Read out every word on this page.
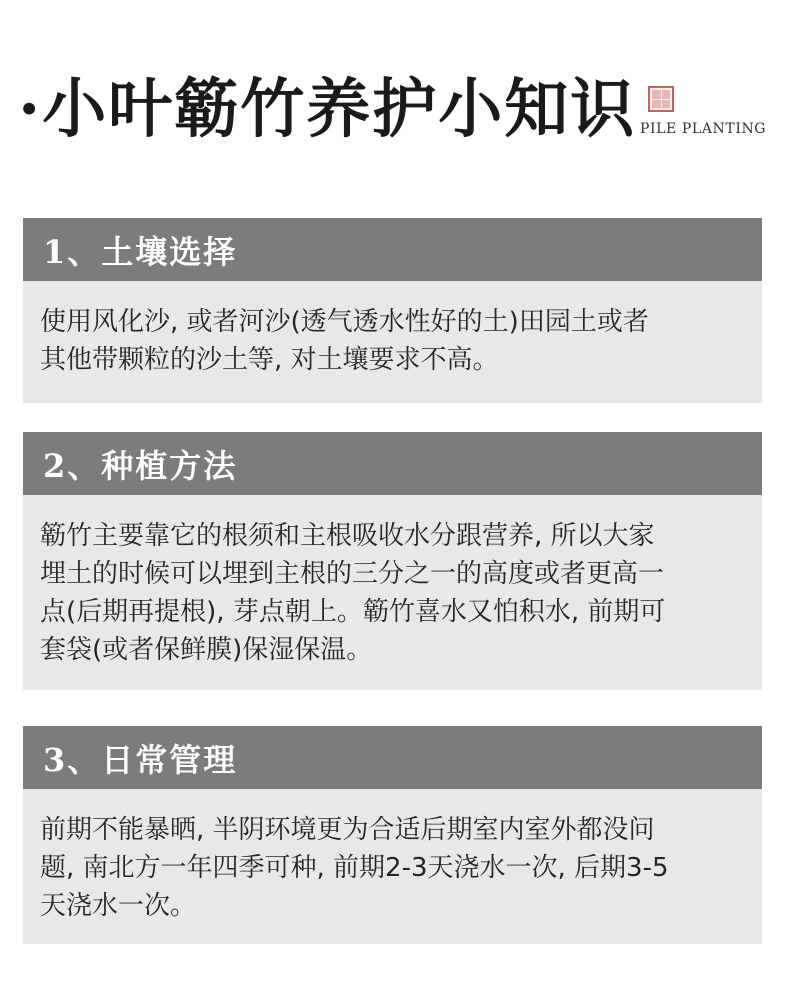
·小叶簕竹养护小知识 PILE PLANTING
1、土壤选择
使用风化沙, 或者河沙(透气透水性好的土)田园土或者
其他带颗粒的沙土等, 对土壤要求不高。
2、种植方法
簕竹主要靠它的根须和主根吸收水分跟营养, 所以大家
埋土的时候可以埋到主根的三分之一的高度或者更高一
点(后期再提根), 芽点朝上。簕竹喜水又怕积水, 前期可
套袋(或者保鲜膜)保湿保温。
3、日常管理
前期不能暴晒, 半阴环境更为合适后期室内室外都没问
题, 南北方一年四季可种, 前期2-3天浇水一次, 后期3-5
天浇水一次。
